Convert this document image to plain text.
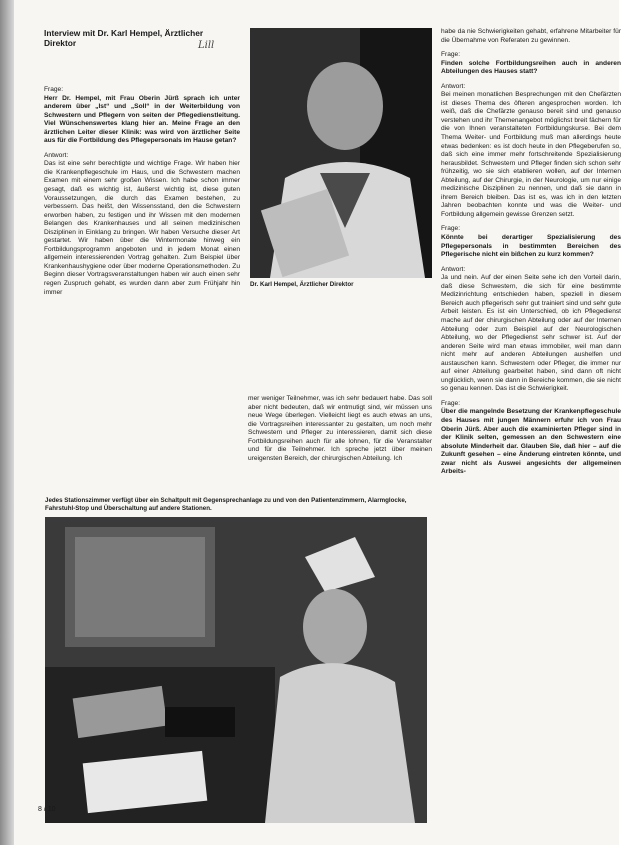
Interview mit Dr. Karl Hempel, Ärztlicher Direktor	Lill
Frage:

Herr Dr. Hempel, mit Frau Oberin Jürß sprach ich unter anderem über „Ist“ und „Soll“ in der Weiterbildung von Schwestern und Pflegern von seiten der Pflegedienstleitung. Viel Wünschenswertes klang hier an. Meine Frage an den ärztlichen Leiter dieser Klinik: was wird von ärztlicher Seite aus für die Fortbildung des Pflegepersonals im Hause getan?

Antwort:

Das ist eine sehr berechtigte und wichtige Frage. Wir haben hier die Krankenpflegeschule im Haus, und die Schwestern machen Examen mit einem sehr großen Wissen. Ich habe schon immer gesagt, daß es wichtig ist, äußerst wichtig ist, diese guten Voraussetzungen, die durch das Examen bestehen, zu verbessern. Das heißt, den Wissensstand, den die Schwestern erworben haben, zu festigen und ihr Wissen mit den modernen Belangen des Krankenhauses und all seinen medizinischen Disziplinen in Einklang zu bringen. Wir haben Versuche dieser Art gestartet. Wir haben über die Wintermonate hinweg ein Fortbildungsprogramm angeboten und in jedem Monat einen allgemein interessierenden Vortrag gehalten. Zum Beispiel über Krankenhaushygiene oder über moderne Operationsmethoden. Zu Beginn dieser Vortragsveranstaltungen haben wir auch einen sehr regen Zuspruch gehabt, es wurden dann aber zum Frühjahr hin immer

Dr. Karl Hempel, Ärztlicher Direktor

mer weniger Teilnehmer, was ich sehr bedauert habe. Das soll aber nicht bedeuten, daß wir entmutigt sind, wir müssen uns neue Wege überlegen. Vielleicht liegt es auch etwas an uns, die Vortragsreihen interessanter zu gestalten, um noch mehr Schwestern und Pfleger zu interessieren, damit sich diese Fortbildungsreihen auch für alle lohnen, für die Veranstalter und für die Teilnehmer. Ich spreche jetzt über meinen ureigensten Bereich, der chirurgischen Abteilung. Ich

habe da nie Schwierigkeiten gehabt, erfahrene Mitarbeiter für die Übernahme von Referaten zu gewinnen.

Frage:

Finden solche Fortbildungsreihen auch in anderen Abteilungen des Hauses statt?

Antwort:

Bei meinen monatlichen Besprechungen mit den Chefärzten ist dieses Thema des öfteren angesprochen worden. Ich weiß, daß die Chefärzte genauso bereit sind und genauso verstehen und ihr Themenangebot möglichst breit fächern für die von Ihnen veranstalteten Fortbildungskurse. Bei dem Thema Weiter- und Fortbildung muß man allerdings heute etwas bedenken: es ist doch heute in den Pflegeberufen so, daß sich eine immer mehr fortschreitende Spezialisierung herausbildet. Schwestern und Pfleger finden sich schon sehr frühzeitig, wo sie sich etablieren wollen, auf der Internen Abteilung, auf der Chirurgie, in der Neurologie, um nur einige medizinische Disziplinen zu nennen, und daß sie dann in ihrem Bereich bleiben. Das ist es, was ich in den letzten Jahren beobachten konnte und was die Weiter- und Fortbildung allgemein gewisse Grenzen setzt.

Frage:

Könnte bei derartiger Spezialisierung des Pflegepersonals in bestimmten Bereichen des Pflegerische nicht ein bißchen zu kurz kommen?

Antwort:

Ja und nein. Auf der einen Seite sehe ich den Vorteil darin, daß diese Schwestern, die sich für eine bestimmte Medizinrichtung entschieden haben, speziell in diesem Bereich auch pflegerisch sehr gut trainiert sind und sehr gute Arbeit leisten. Es ist ein Unterschied, ob ich Pflegedienst mache auf der chirurgischen Abteilung oder auf der Internen Abteilung oder zum Beispiel auf der Neurologischen Abteilung, wo der Pflegedienst sehr schwer ist. Auf der anderen Seite wird man etwas immobiler, weil man dann nicht mehr auf anderen Abteilungen aushelfen und austauschen kann. Schwestern oder Pfleger, die immer nur auf einer Abteilung gearbeitet haben, sind dann oft nicht unglücklich, wenn sie dann in Bereiche kommen, die sie nicht so genau kennen. Das ist die Schwierigkeit.

Frage:

Über die mangelnde Besetzung der Krankenpflegeschule des Hauses mit jungen Männern erfuhr ich von Frau Oberin Jürß. Aber auch die examinierten Pfleger sind in der Klinik selten, gemessen an den Schwestern eine absolute Minderheit dar. Glauben Sie, daß hier – auf die Zukunft gesehen – eine Änderung eintreten könnte, und zwar nicht als Auswei angesichts der allgemeinen Arbeits-

Jedes Stationszimmer verfügt über ein Schaltpult mit Gegensprechanlage zu und von den Patientenzimmern, Alarmglocke, Fahrstuhl-Stop und Überschaltung auf andere Stationen.
8 / 10
